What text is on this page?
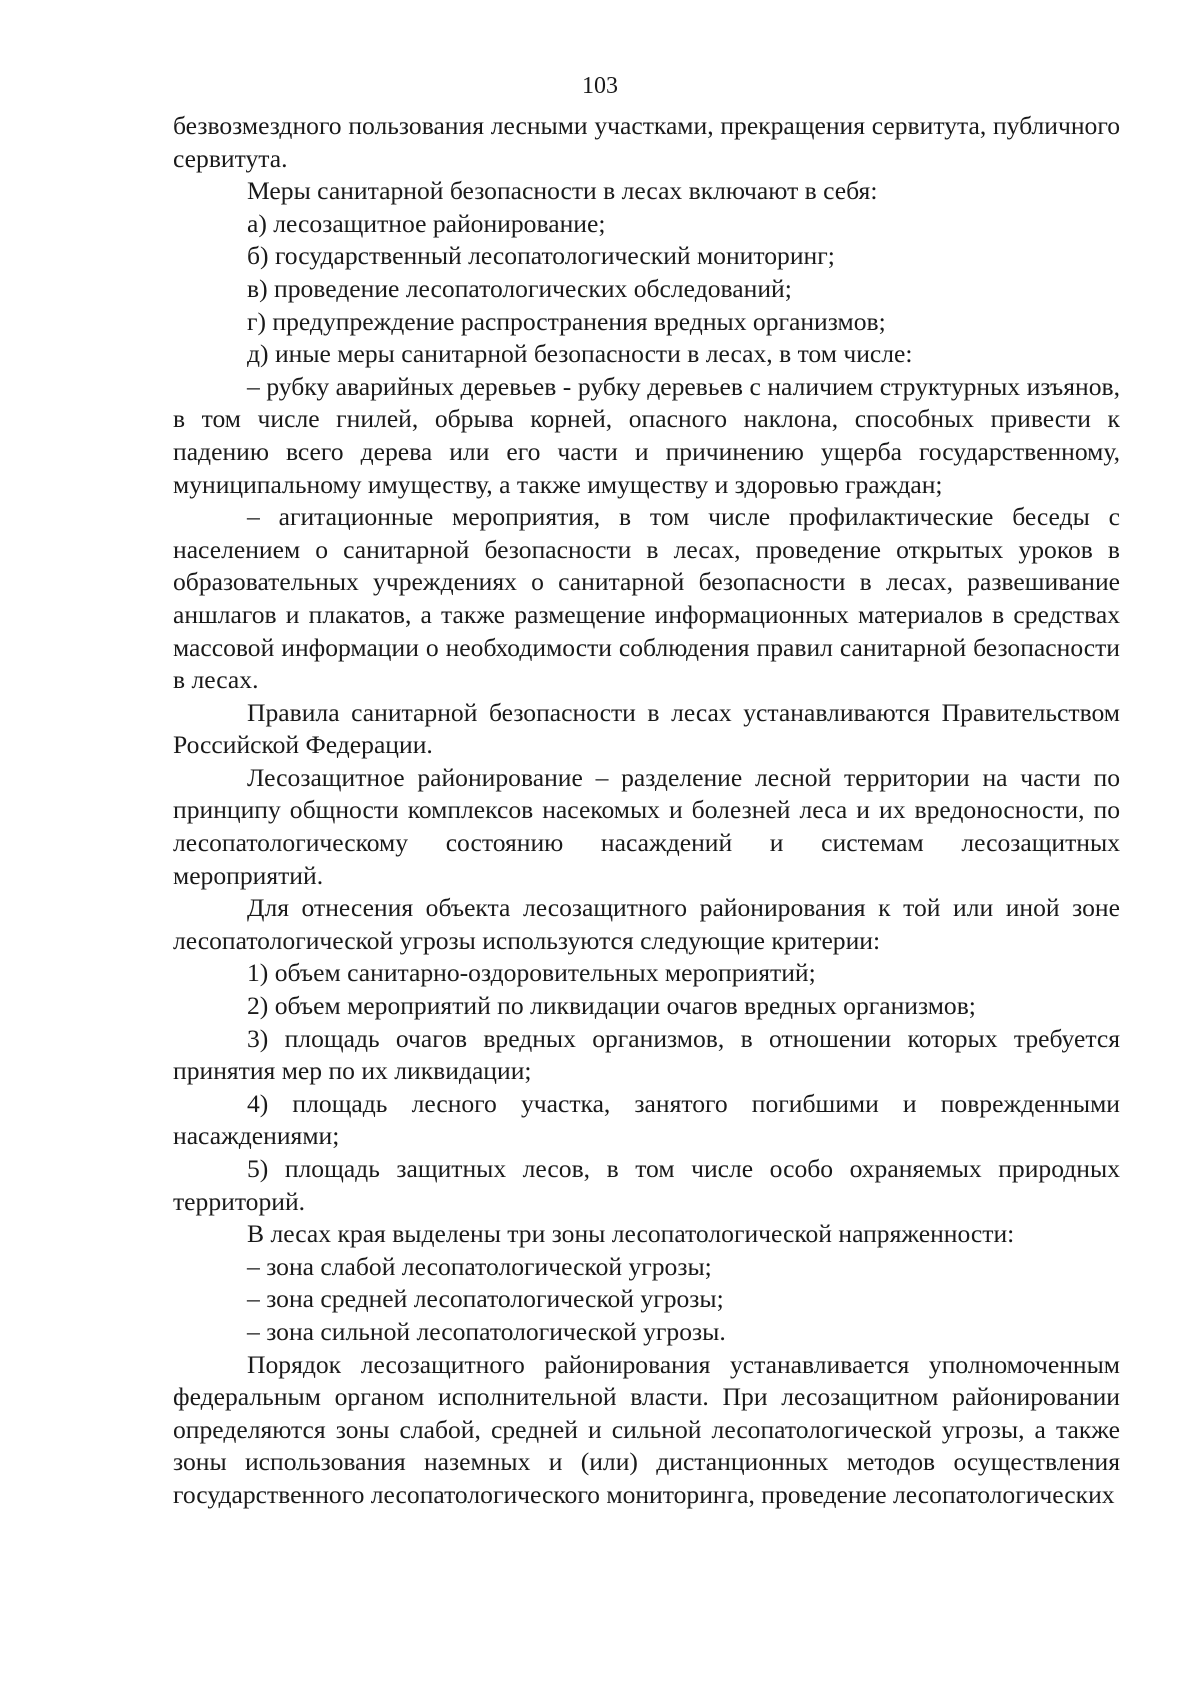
103

безвозмездного пользования лесными участками, прекращения сервитута, публичного сервитута.

Меры санитарной безопасности в лесах включают в себя:

а) лесозащитное районирование;

б) государственный лесопатологический мониторинг;

в) проведение лесопатологических обследований;

г) предупреждение распространения вредных организмов;

д) иные меры санитарной безопасности в лесах, в том числе:

– рубку аварийных деревьев - рубку деревьев с наличием структурных изъянов, в том числе гнилей, обрыва корней, опасного наклона, способных привести к падению всего дерева или его части и причинению ущерба государственному, муниципальному имуществу, а также имуществу и здоровью граждан;

– агитационные мероприятия, в том числе профилактические беседы с населением о санитарной безопасности в лесах, проведение открытых уроков в образовательных учреждениях о санитарной безопасности в лесах, развешивание аншлагов и плакатов, а также размещение информационных материалов в средствах массовой информации о необходимости соблюдения правил санитарной безопасности в лесах.

Правила санитарной безопасности в лесах устанавливаются Правительством Российской Федерации.

Лесозащитное районирование – разделение лесной территории на части по принципу общности комплексов насекомых и болезней леса и их вредоносности, по лесопатологическому состоянию насаждений и системам лесозащитных мероприятий.

Для отнесения объекта лесозащитного районирования к той или иной зоне лесопатологической угрозы используются следующие критерии:

1) объем санитарно-оздоровительных мероприятий;

2) объем мероприятий по ликвидации очагов вредных организмов;

3) площадь очагов вредных организмов, в отношении которых требуется принятия мер по их ликвидации;

4) площадь лесного участка, занятого погибшими и поврежденными насаждениями;

5) площадь защитных лесов, в том числе особо охраняемых природных территорий.

В лесах края выделены три зоны лесопатологической напряженности:

– зона слабой лесопатологической угрозы;

– зона средней лесопатологической угрозы;

– зона сильной лесопатологической угрозы.

Порядок лесозащитного районирования устанавливается уполномоченным федеральным органом исполнительной власти. При лесозащитном районировании определяются зоны слабой, средней и сильной лесопатологической угрозы, а также зоны использования наземных и (или) дистанционных методов осуществления государственного лесопатологического мониторинга, проведение лесопатологических
